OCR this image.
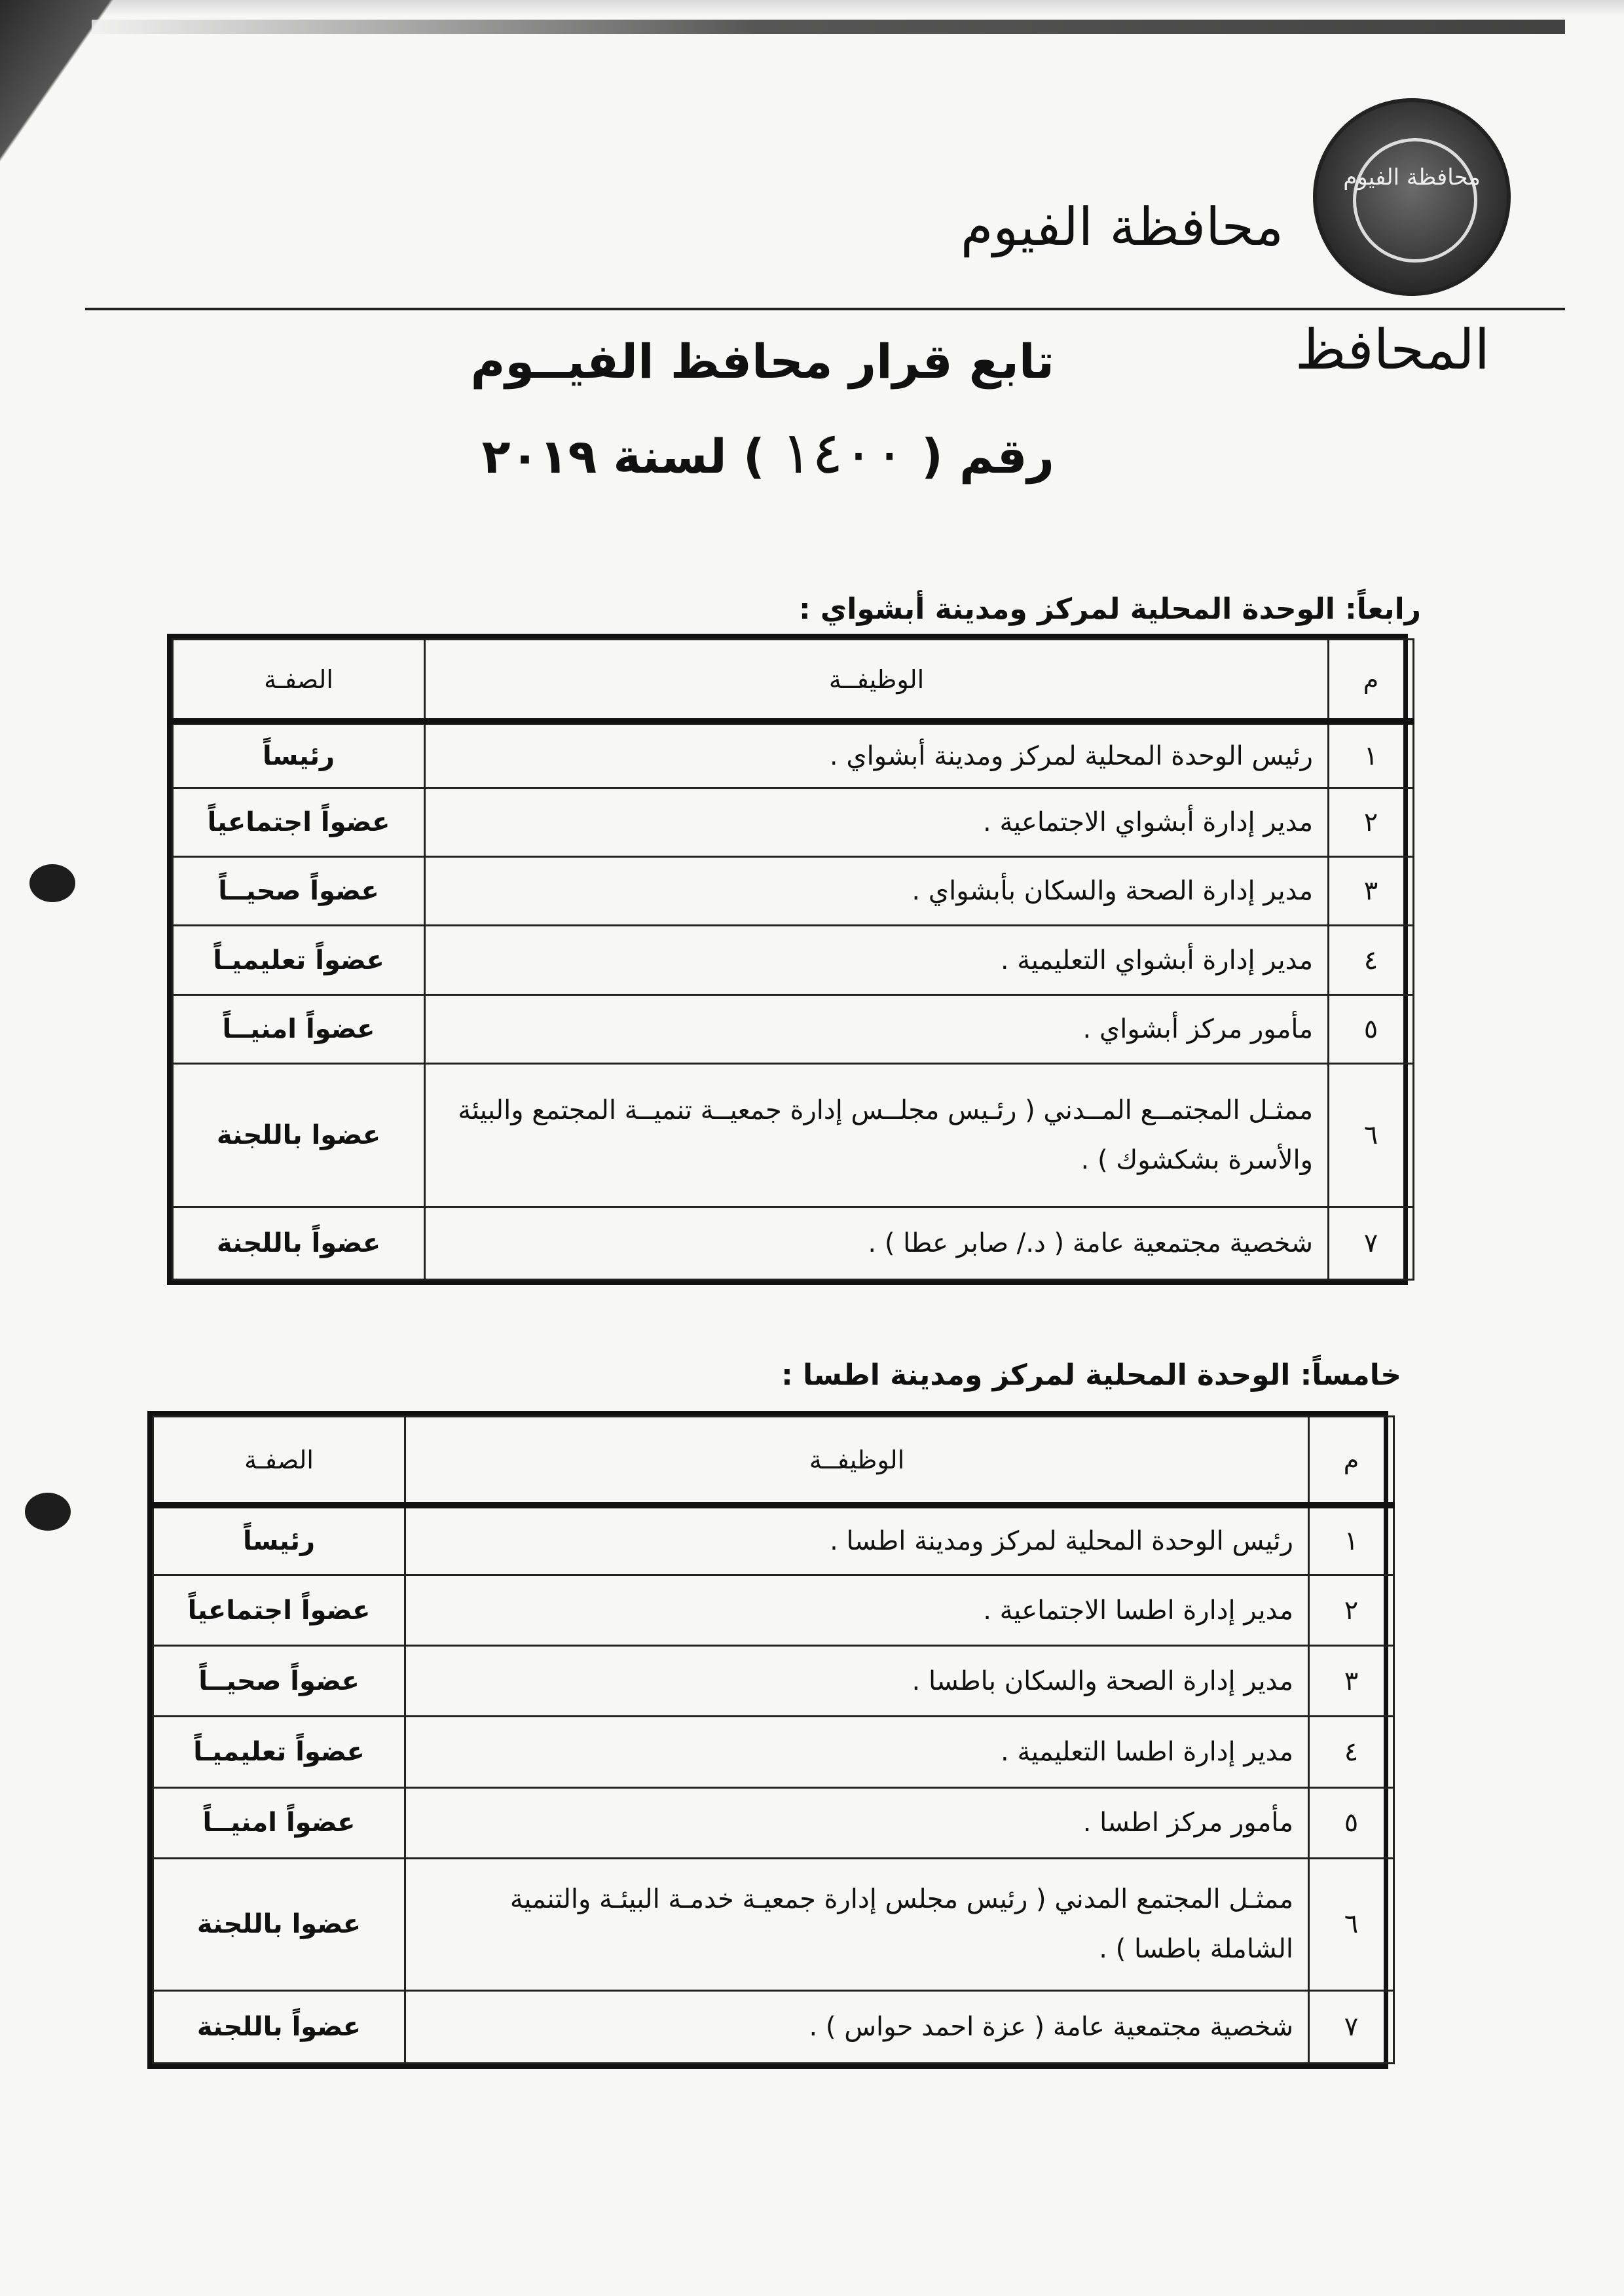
محافظة الفيوم
محافظة الفيوم
المحافظ
تابع قرار محافظ الفيــوم
رقم ( ١٤٠٠ ) لسنة ٢٠١٩
رابعاً: الوحدة المحلية لمركز ومدينة أبشواي :
م	الوظيفــة	الصفـة
١	رئيس الوحدة المحلية لمركز ومدينة أبشواي .	رئيساً
٢	مدير إدارة أبشواي الاجتماعية .	عضواً اجتماعياً
٣	مدير إدارة الصحة والسكان بأبشواي .	عضواً صحيــاً
٤	مدير إدارة أبشواي التعليمية .	عضواً تعليميـاً
٥	مأمور مركز أبشواي .	عضواً امنيــاً
٦	ممثـل المجتمــع المــدني ( رئـيس مجلــس إدارة جمعيــة تنميــة المجتمع والبيئة والأسرة بشكشوك ) .	عضوا باللجنة
٧	شخصية مجتمعية عامة ( د./ صابر عطا ) .	عضواً باللجنة
خامساً: الوحدة المحلية لمركز ومدينة اطسا :
م	الوظيفــة	الصفـة
١	رئيس الوحدة المحلية لمركز ومدينة اطسا .	رئيساً
٢	مدير إدارة اطسا الاجتماعية .	عضواً اجتماعياً
٣	مدير إدارة الصحة والسكان باطسا .	عضواً صحيــاً
٤	مدير إدارة اطسا التعليمية .	عضواً تعليميـاً
٥	مأمور مركز اطسا .	عضواً امنيــاً
٦	ممثـل المجتمع المدني ( رئيس مجلس إدارة جمعيـة خدمـة البيئـة والتنمية الشاملة باطسا ) .	عضوا باللجنة
٧	شخصية مجتمعية عامة ( عزة احمد حواس ) .	عضواً باللجنة
